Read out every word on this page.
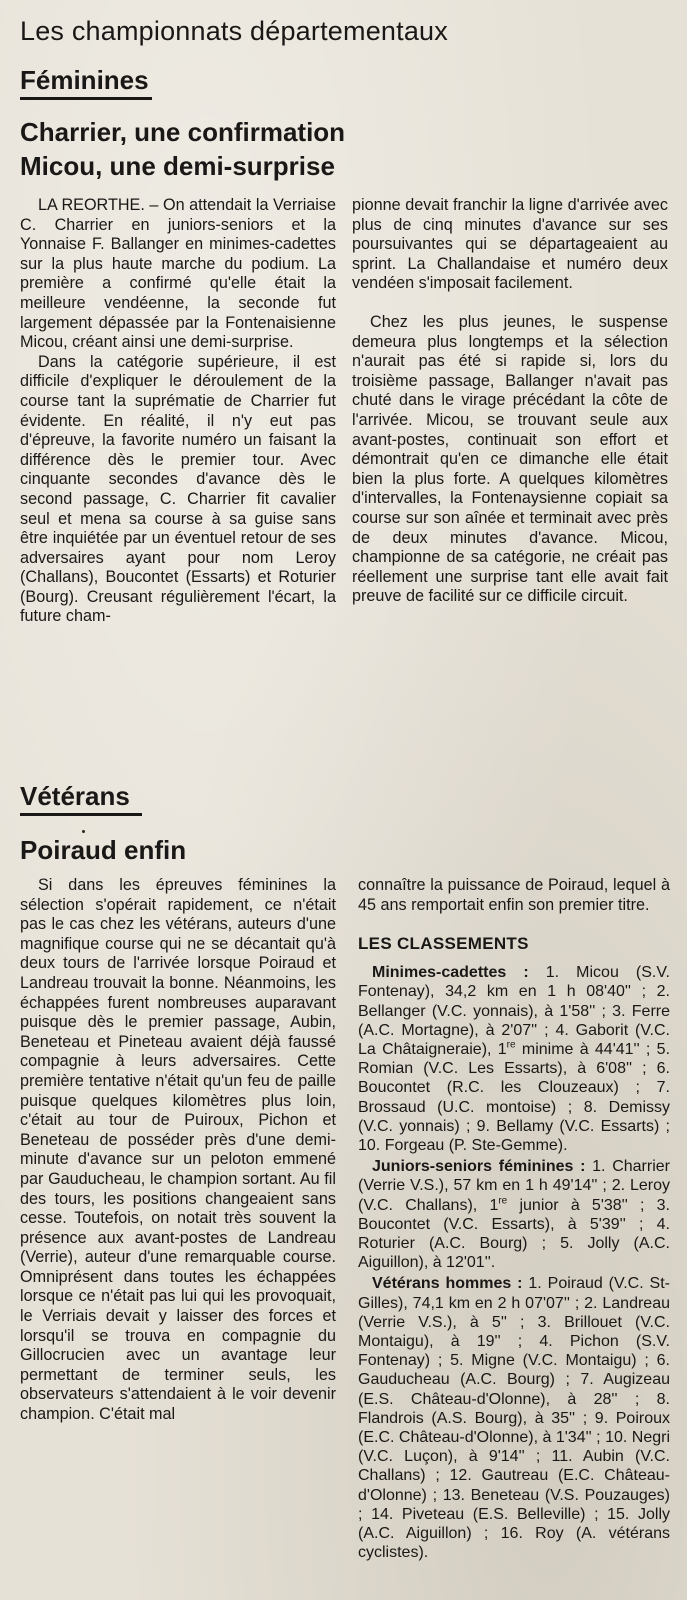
Les championnats départementaux
Féminines
Charrier, une confirmation
Micou, une demi-surprise

LA REORTHE. – On attendait la Verriaise C. Charrier en juniors-seniors et la Yonnaise F. Ballanger en minimes-cadettes sur la plus haute marche du podium. La première a confirmé qu'elle était la meilleure vendéenne, la seconde fut largement dépassée par la Fontenaisienne Micou, créant ainsi une demi-surprise.

Dans la catégorie supérieure, il est difficile d'expliquer le déroulement de la course tant la suprématie de Charrier fut évidente. En réalité, il n'y eut pas d'épreuve, la favorite numéro un faisant la différence dès le premier tour. Avec cinquante secondes d'avance dès le second passage, C. Charrier fit cavalier seul et mena sa course à sa guise sans être inquiétée par un éventuel retour de ses adversaires ayant pour nom Leroy (Challans), Boucontet (Essarts) et Roturier (Bourg). Creusant régulièrement l'écart, la future cham-

pionne devait franchir la ligne d'arrivée avec plus de cinq minutes d'avance sur ses poursuivantes qui se départageaient au sprint. La Challandaise et numéro deux vendéen s'imposait facilement.

Chez les plus jeunes, le suspense demeura plus longtemps et la sélection n'aurait pas été si rapide si, lors du troisième passage, Ballanger n'avait pas chuté dans le virage précédant la côte de l'arrivée. Micou, se trouvant seule aux avant-postes, continuait son effort et démontrait qu'en ce dimanche elle était bien la plus forte. A quelques kilomètres d'intervalles, la Fontenaysienne copiait sa course sur son aînée et terminait avec près de deux minutes d'avance. Micou, championne de sa catégorie, ne créait pas réellement une surprise tant elle avait fait preuve de facilité sur ce difficile circuit.

Vétérans
Poiraud enfin

Si dans les épreuves féminines la sélection s'opérait rapidement, ce n'était pas le cas chez les vétérans, auteurs d'une magnifique course qui ne se décantait qu'à deux tours de l'arrivée lorsque Poiraud et Landreau trouvait la bonne. Néanmoins, les échappées furent nombreuses auparavant puisque dès le premier passage, Aubin, Beneteau et Pineteau avaient déjà faussé compagnie à leurs adversaires. Cette première tentative n'était qu'un feu de paille puisque quelques kilomètres plus loin, c'était au tour de Puiroux, Pichon et Beneteau de posséder près d'une demi-minute d'avance sur un peloton emmené par Gauducheau, le champion sortant. Au fil des tours, les positions changeaient sans cesse. Toutefois, on notait très souvent la présence aux avant-postes de Landreau (Verrie), auteur d'une remarquable course. Omniprésent dans toutes les échappées lorsque ce n'était pas lui qui les provoquait, le Verriais devait y laisser des forces et lorsqu'il se trouva en compagnie du Gillocrucien avec un avantage leur permettant de terminer seuls, les observateurs s'attendaient à le voir devenir champion. C'était mal

connaître la puissance de Poiraud, lequel à 45 ans remportait enfin son premier titre.

LES CLASSEMENTS

Minimes-cadettes : 1. Micou (S.V. Fontenay), 34,2 km en 1 h 08'40'' ; 2. Bellanger (V.C. yonnais), à 1'58'' ; 3. Ferre (A.C. Mortagne), à 2'07'' ; 4. Gaborit (V.C. La Châtaigneraie), 1re minime à 44'41'' ; 5. Romian (V.C. Les Essarts), à 6'08'' ; 6. Boucontet (R.C. les Clouzeaux) ; 7. Brossaud (U.C. montoise) ; 8. Demissy (V.C. yonnais) ; 9. Bellamy (V.C. Essarts) ; 10. Forgeau (P. Ste-Gemme).

Juniors-seniors féminines : 1. Charrier (Verrie V.S.), 57 km en 1 h 49'14'' ; 2. Leroy (V.C. Challans), 1re junior à 5'38'' ; 3. Boucontet (V.C. Essarts), à 5'39'' ; 4. Roturier (A.C. Bourg) ; 5. Jolly (A.C. Aiguillon), à 12'01''.

Vétérans hommes : 1. Poiraud (V.C. St-Gilles), 74,1 km en 2 h 07'07'' ; 2. Landreau (Verrie V.S.), à 5'' ; 3. Brillouet (V.C. Montaigu), à 19'' ; 4. Pichon (S.V. Fontenay) ; 5. Migne (V.C. Montaigu) ; 6. Gauducheau (A.C. Bourg) ; 7. Augizeau (E.S. Château-d'Olonne), à 28'' ; 8. Flandrois (A.S. Bourg), à 35'' ; 9. Poiroux (E.C. Château-d'Olonne), à 1'34'' ; 10. Negri (V.C. Luçon), à 9'14'' ; 11. Aubin (V.C. Challans) ; 12. Gautreau (E.C. Château-d'Olonne) ; 13. Beneteau (V.S. Pouzauges) ; 14. Piveteau (E.S. Belleville) ; 15. Jolly (A.C. Aiguillon) ; 16. Roy (A. vétérans cyclistes).
